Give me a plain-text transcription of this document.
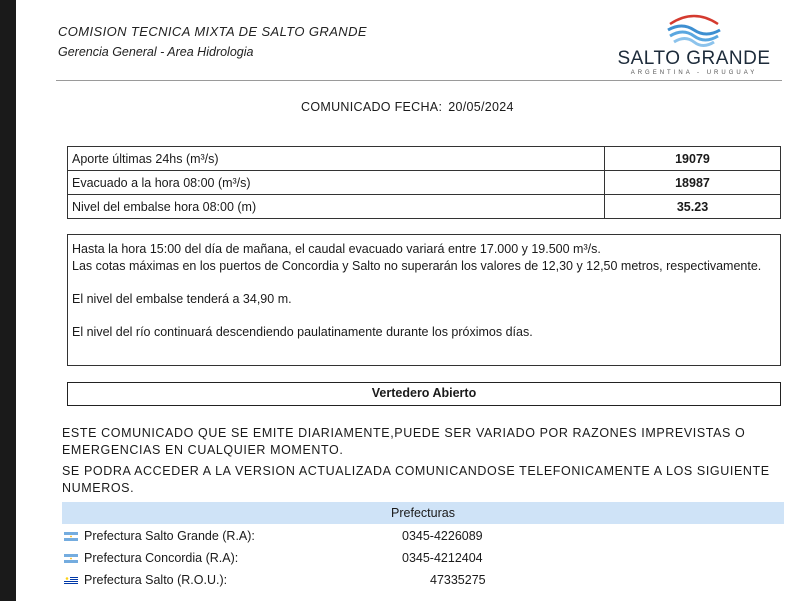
COMISION TECNICA MIXTA DE SALTO GRANDE
Gerencia General - Area Hidrologia	SALTO GRANDE
ARGENTINA - URUGUAY
COMUNICADO FECHA: 20/05/2024
Aporte últimas 24hs (m³/s)	19079
Evacuado a la hora 08:00 (m³/s)	18987
Nivel del embalse hora 08:00 (m)	35.23

Hasta la hora 15:00 del día de mañana, el caudal evacuado variará entre 17.000 y 19.500 m³/s.

Las cotas máximas en los puertos de Concordia y Salto no superarán los valores de 12,30 y 12,50 metros, respectivamente.

El nivel del embalse tenderá a 34,90 m.

El nivel del río continuará descendiendo paulatinamente durante los próximos días.

Vertedero Abierto

ESTE COMUNICADO QUE SE EMITE DIARIAMENTE,PUEDE SER VARIADO POR RAZONES IMPREVISTAS O EMERGENCIAS EN CUALQUIER MOMENTO.

SE PODRA ACCEDER A LA VERSION ACTUALIZADA COMUNICANDOSE TELEFONICAMENTE A LOS SIGUIENTE NUMEROS.

Prefecturas
Prefectura Salto Grande (R.A):	0345-4226089
Prefectura Concordia (R.A):	0345-4212404
Prefectura Salto (R.O.U.):	47335275
